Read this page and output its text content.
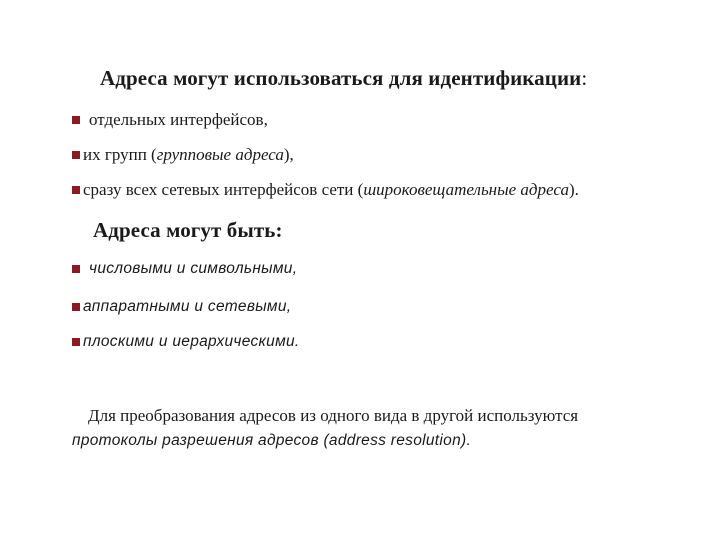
Адреса могут использоваться для идентификации:
отдельных интерфейсов,
их групп ( групповые адреса ),
сразу всех сетевых интерфейсов сети ( широковещательные адреса ).
Адреса могут быть:
числовыми и символьными,
аппаратными и сетевыми,
плоскими и иерархическими.
Для преобразования адресов из одного вида в другой используются
протоколы разрешения адресов (address resolution).
